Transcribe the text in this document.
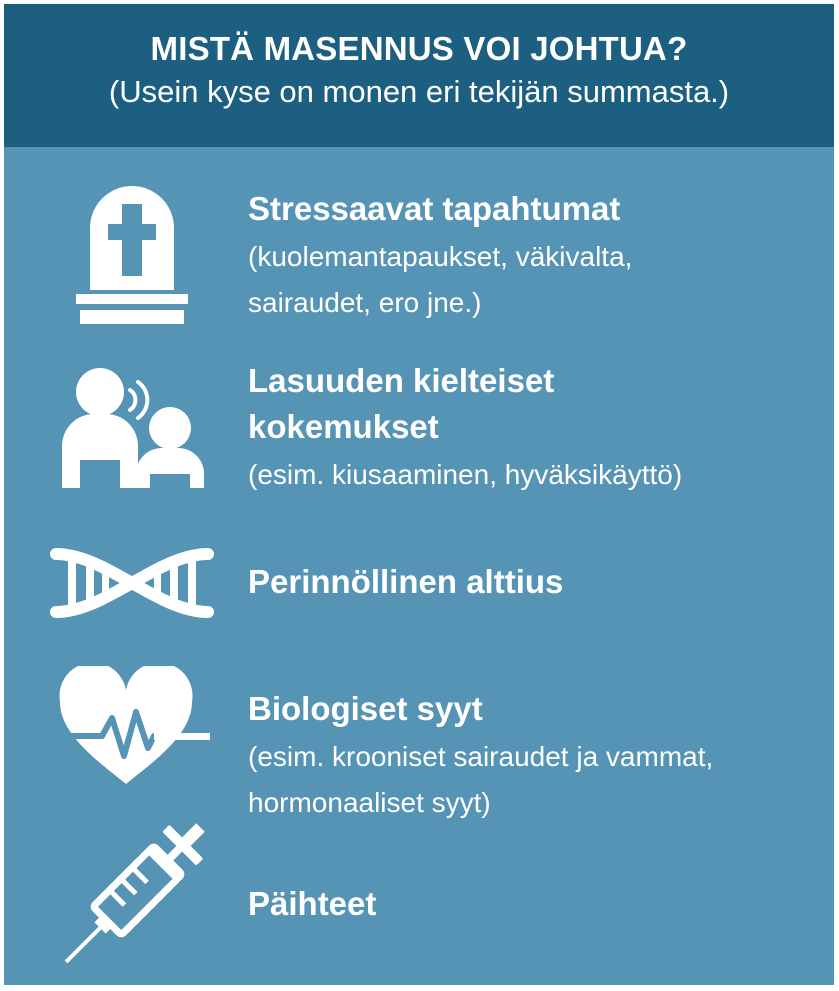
MISTÄ MASENNUS VOI JOHTUA?
(Usein kyse on monen eri tekijän summasta.)
Stressaavat tapahtumat
(kuolemantapaukset, väkivalta,
sairaudet, ero jne.)
Lasuuden kielteiset
kokemukset
(esim. kiusaaminen, hyväksikäyttö)
Perinnöllinen alttius
Biologiset syyt
(esim. krooniset sairaudet ja vammat,
hormonaaliset syyt)
Päihteet
